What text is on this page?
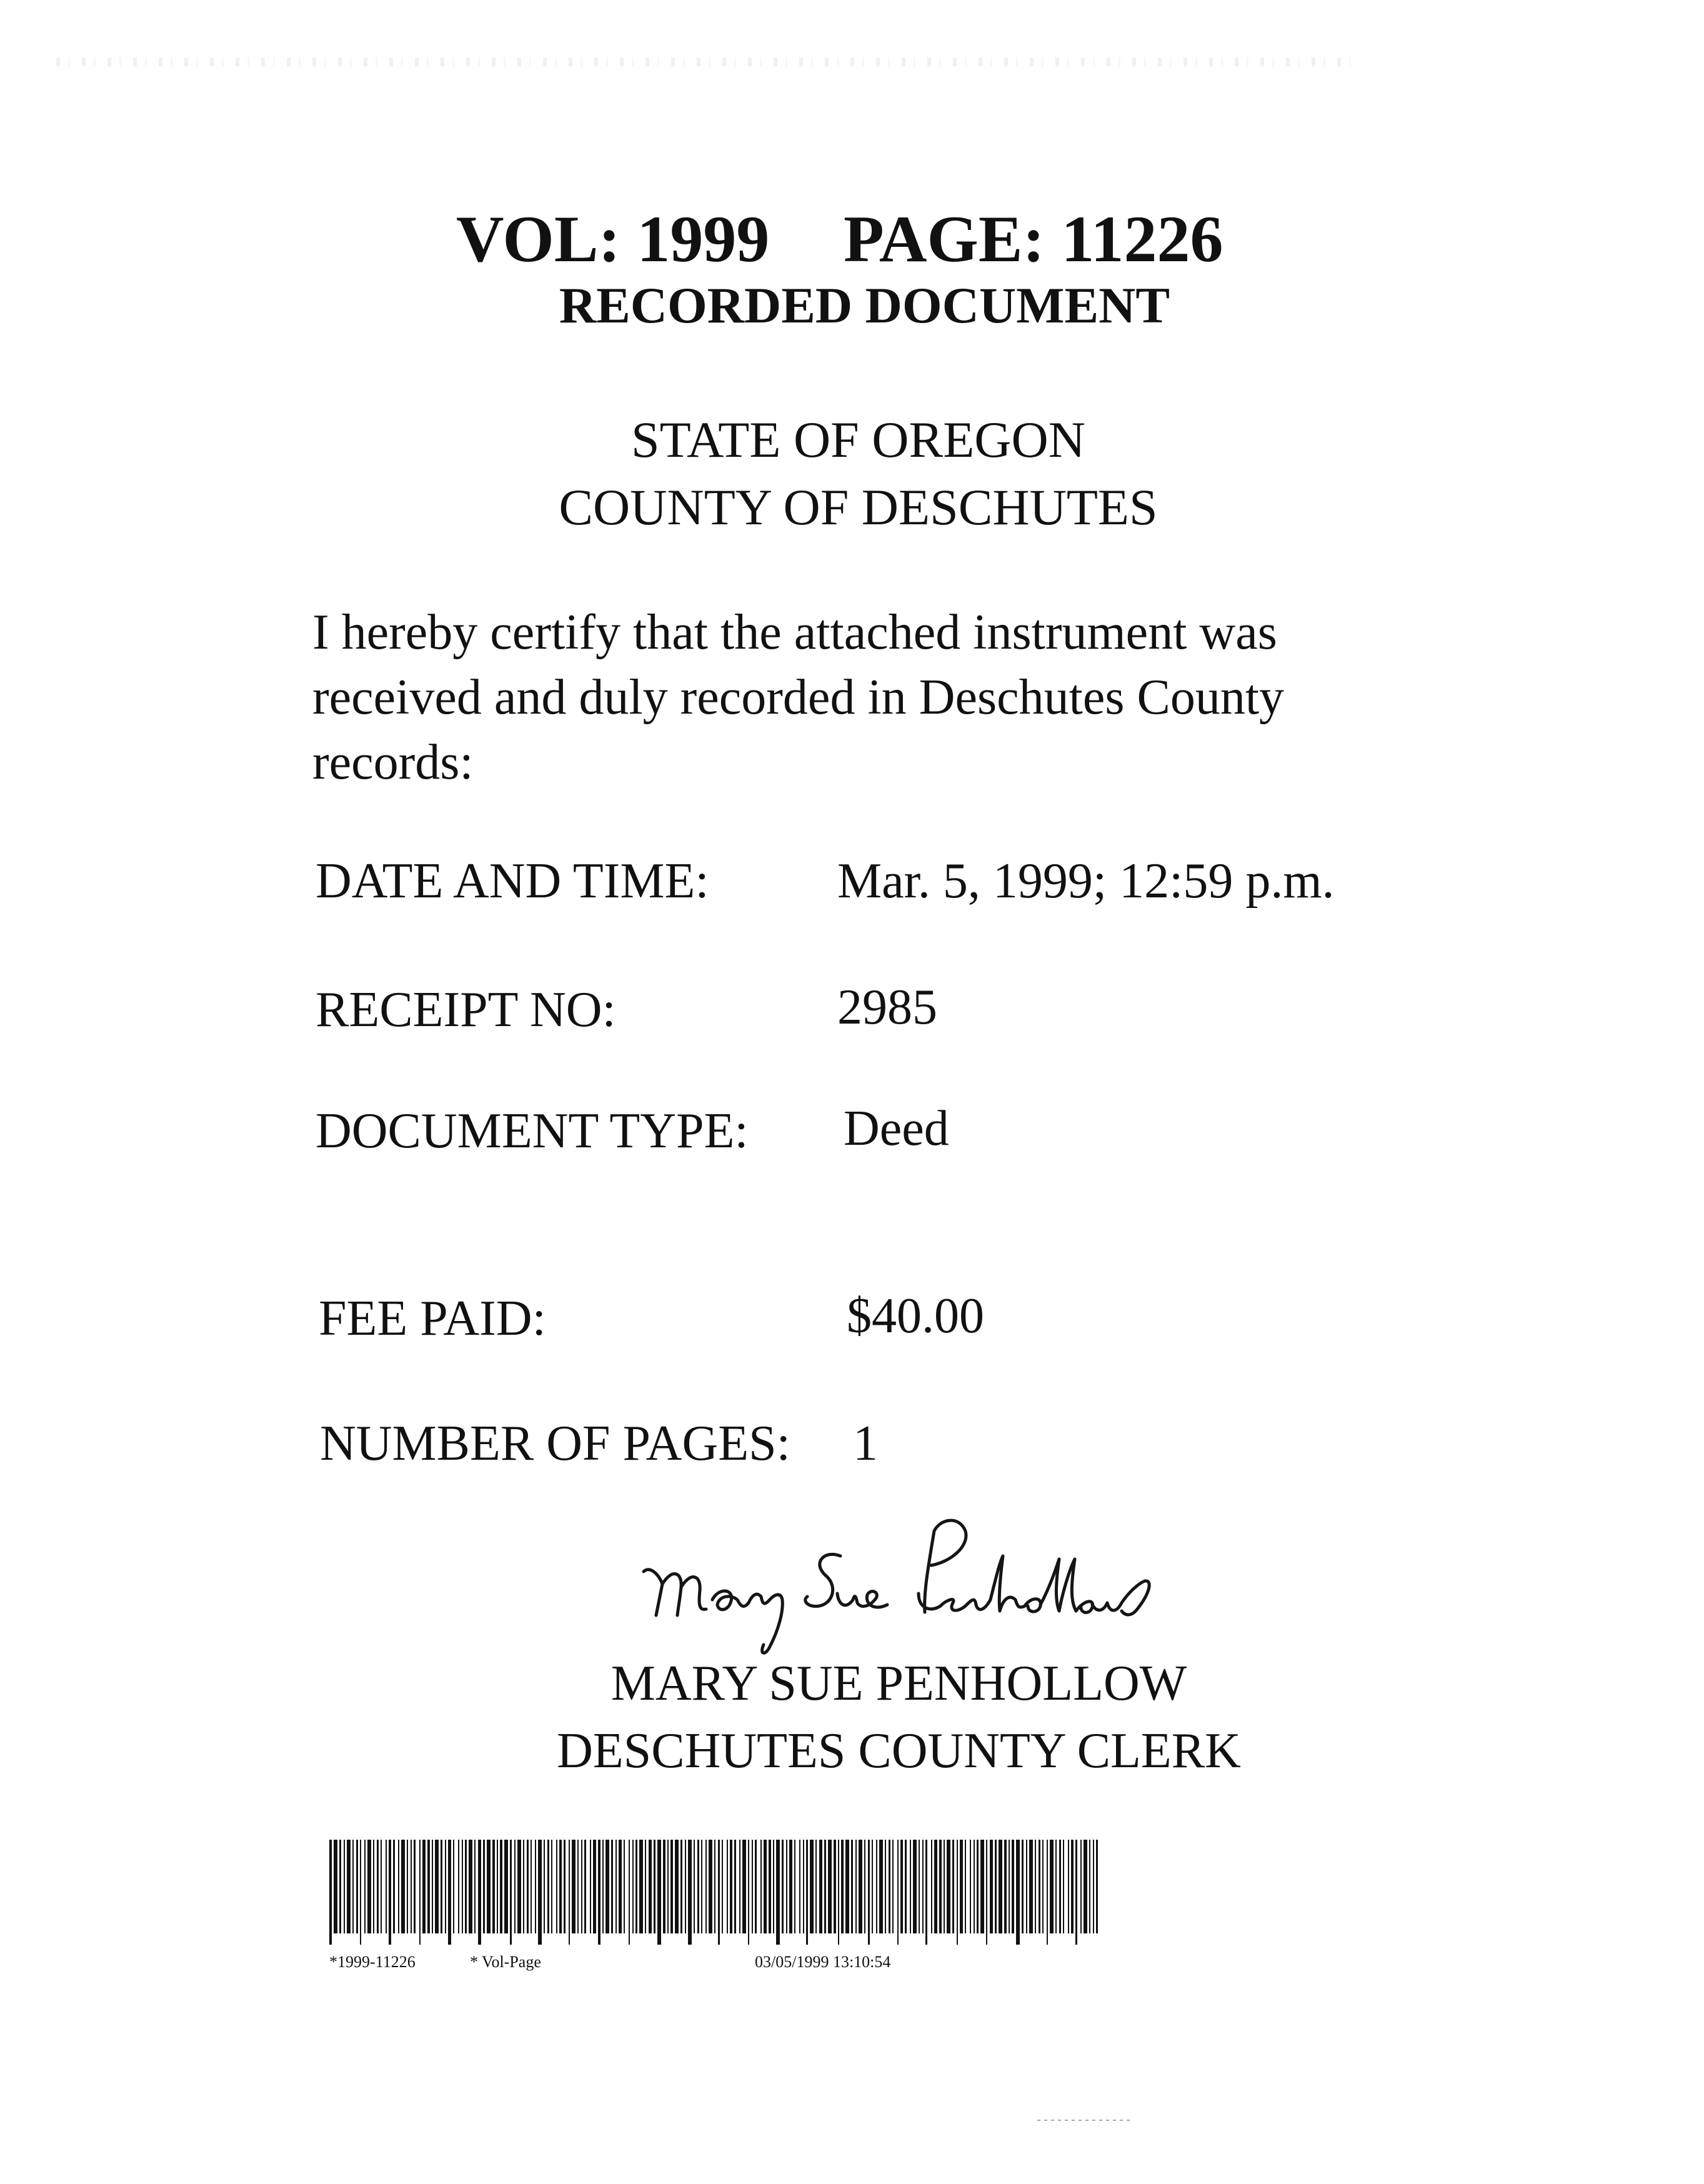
VOL: 1999 PAGE: 11226
RECORDED DOCUMENT
STATE OF OREGON
COUNTY OF DESCHUTES
I hereby certify that the attached instrument was received and duly recorded in Deschutes County records:
DATE AND TIME:	Mar. 5, 1999; 12:59 p.m.
RECEIPT NO:	2985
DOCUMENT TYPE: Deed
FEE PAID:	$40.00
NUMBER OF PAGES: 1
MARY SUE PENHOLLOW
DESCHUTES COUNTY CLERK
*1999-11226	* Vol-Page	03/05/1999 13:10:54
